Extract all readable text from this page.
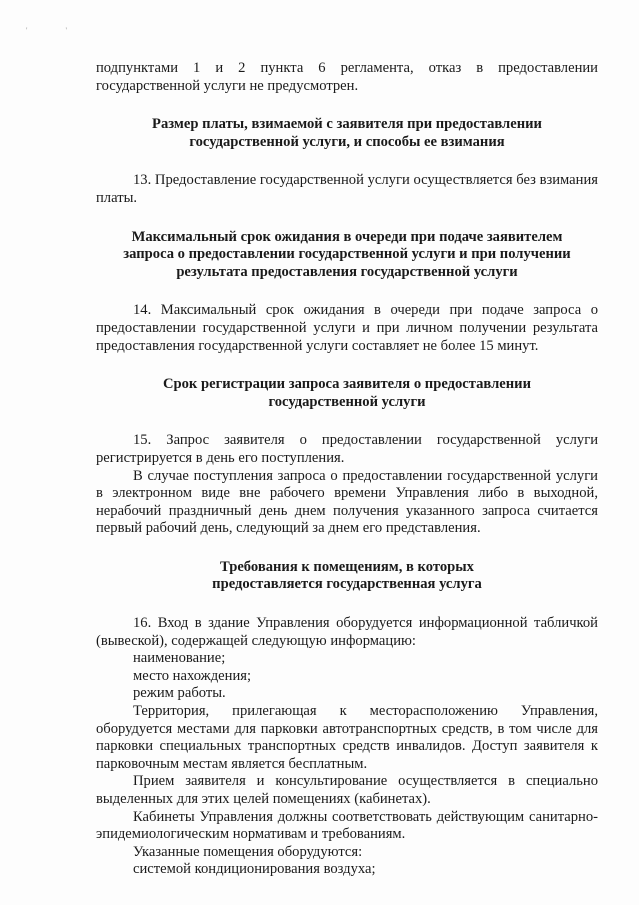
' '

подпунктами 1 и 2 пункта 6 регламента, отказ в предоставлении государственной услуги не предусмотрен.

Размер платы, взимаемой с заявителя при предоставлении государственной услуги, и способы ее взимания

13. Предоставление государственной услуги осуществляется без взимания платы.

Максимальный срок ожидания в очереди при подаче заявителем запроса о предоставлении государственной услуги и при получении результата предоставления государственной услуги

14. Максимальный срок ожидания в очереди при подаче запроса о предоставлении государственной услуги и при личном получении результата предоставления государственной услуги составляет не более 15 минут.

Срок регистрации запроса заявителя о предоставлении государственной услуги

15. Запрос заявителя о предоставлении государственной услуги регистрируется в день его поступления.

В случае поступления запроса о предоставлении государственной услуги в электронном виде вне рабочего времени Управления либо в выходной, нерабочий праздничный день днем получения указанного запроса считается первый рабочий день, следующий за днем его представления.

Требования к помещениям, в которых предоставляется государственная услуга

16. Вход в здание Управления оборудуется информационной табличкой (вывеской), содержащей следующую информацию:

наименование;

место нахождения;

режим работы.

Территория, прилегающая к месторасположению Управления, оборудуется местами для парковки автотранспортных средств, в том числе для парковки специальных транспортных средств инвалидов. Доступ заявителя к парковочным местам является бесплатным.

Прием заявителя и консультирование осуществляется в специально выделенных для этих целей помещениях (кабинетах).

Кабинеты Управления должны соответствовать действующим санитарно-эпидемиологическим нормативам и требованиям.

Указанные помещения оборудуются:

системой кондиционирования воздуха;
